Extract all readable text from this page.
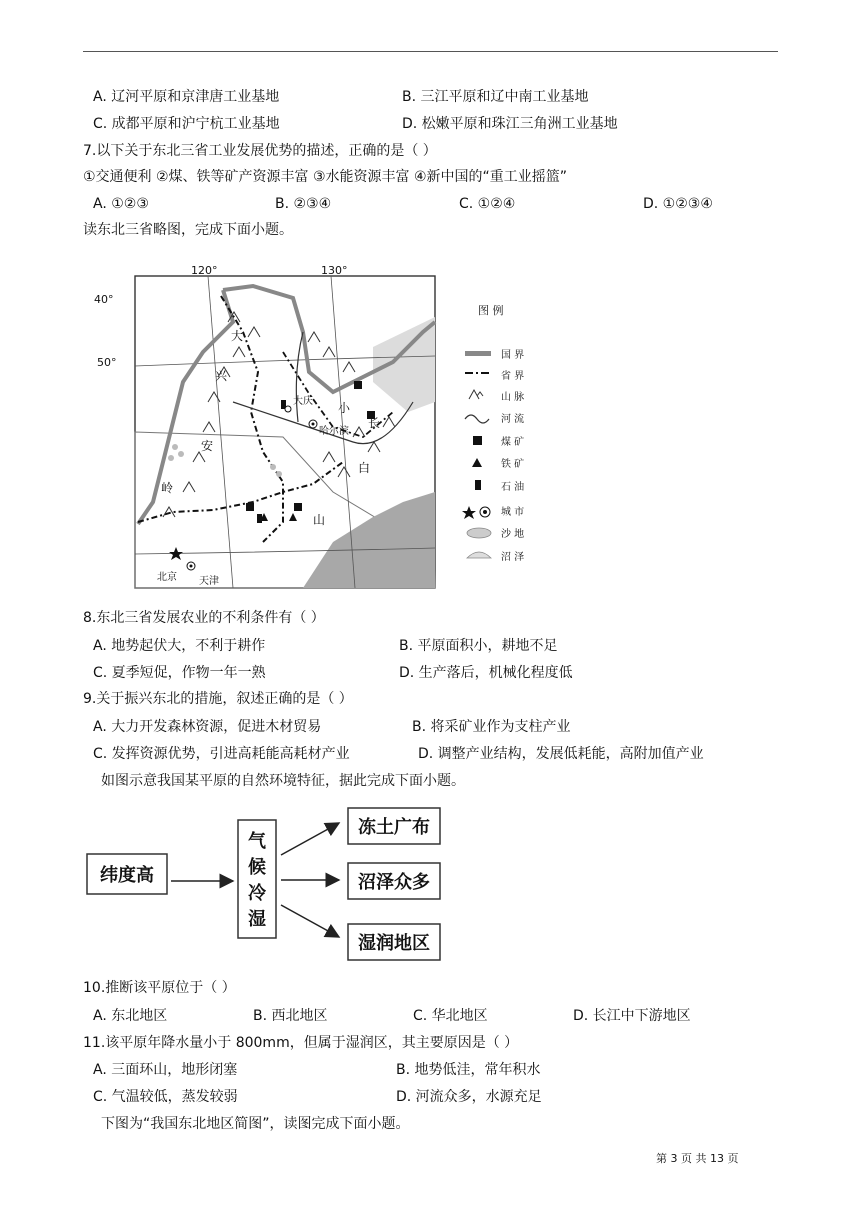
A. 辽河平原和京津唐工业基地	B. 三江平原和辽中南工业基地
C. 成都平原和沪宁杭工业基地	D. 松嫩平原和珠江三角洲工业基地
7.以下关于东北三省工业发展优势的描述，正确的是（ ）
①交通便利 ②煤、铁等矿产资源丰富 ③水能资源丰富 ④新中国的“重工业摇篮”
A. ①②③	B. ②③④	C. ①②④	D. ①②③④
读东北三省略图，完成下面小题。
120°	130°
大
兴
安
岭
小
长
白
山
大庆
哈尔滨
北京 天津
图 例
国 界
省 界
山 脉
河 流
煤 矿
铁 矿
石 油
城 市
沙 地
沼 泽
40°
50°
8.东北三省发展农业的不利条件有（ ）
A. 地势起伏大，不利于耕作	B. 平原面积小，耕地不足
C. 夏季短促，作物一年一熟	D. 生产落后，机械化程度低
9.关于振兴东北的措施，叙述正确的是（ ）
A. 大力开发森林资源，促进木材贸易	B. 将采矿业作为支柱产业
C. 发挥资源优势，引进高耗能高耗材产业	D. 调整产业结构，发展低耗能，高附加值产业
如图示意我国某平原的自然环境特征，据此完成下面小题。
纬度高
气
候
冷
湿
冻土广布
沼泽众多
湿润地区
10.推断该平原位于（ ）
A. 东北地区	B. 西北地区	C. 华北地区	D. 长江中下游地区
11.该平原年降水量小于 800mm，但属于湿润区，其主要原因是（ ）
A. 三面环山，地形闭塞	B. 地势低洼，常年积水
C. 气温较低，蒸发较弱	D. 河流众多，水源充足
下图为“我国东北地区简图”，读图完成下面小题。
第 3 页 共 13 页
